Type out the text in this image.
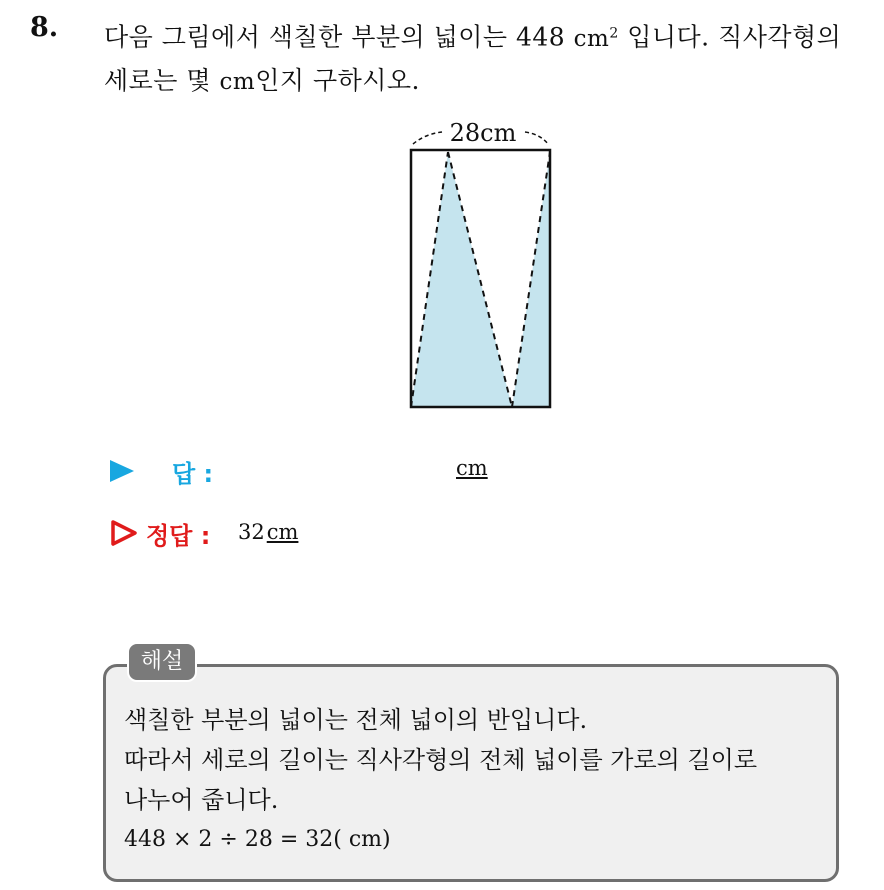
8. 다음 그림에서 색칠한 부분의 넓이는 448 $cm^2$ 입니다. 직사각형의
세로는 몇 cm인지 구하시오.
28cm
답 :	cm
정답 : 32cm
해설
색칠한 부분의 넓이는 전체 넓이의 반입니다.
따라서 세로의 길이는 직사각형의 전체 넓이를 가로의 길이로
나누어 줍니다.
448 × 2 ÷ 28 = 32( cm)
